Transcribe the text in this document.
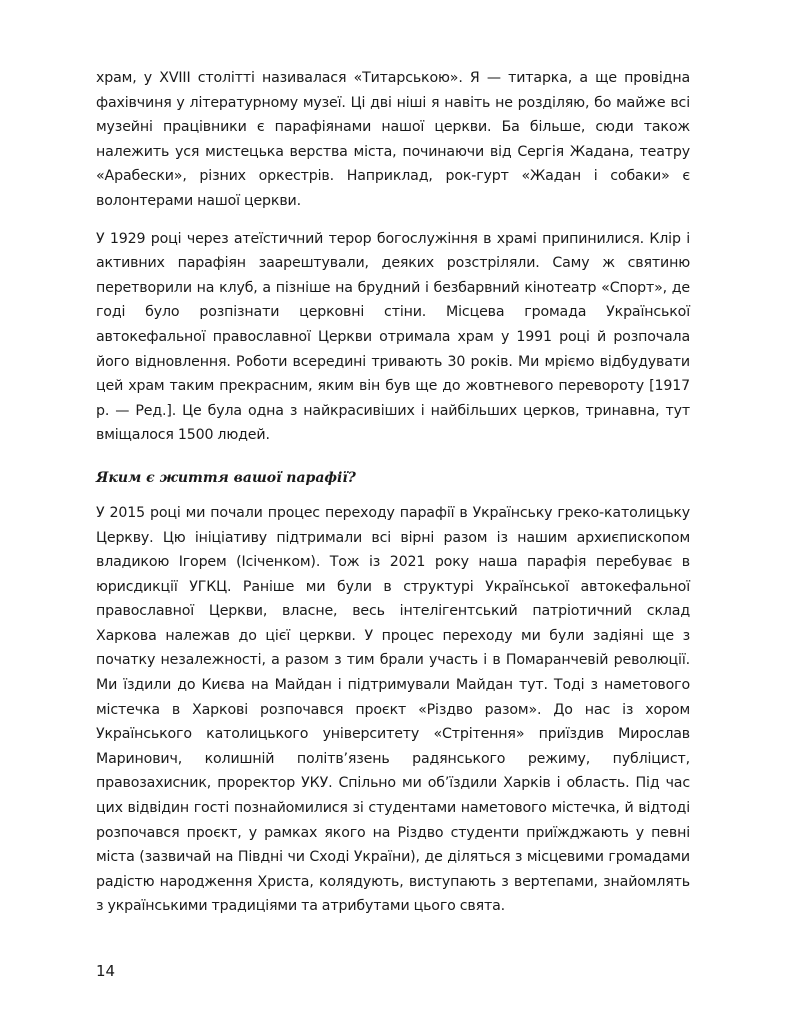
храм, у XVIII столітті називалася «Титарською». Я — титарка, а ще провідна фахівчиня у літературному музеї. Ці дві ніші я навіть не розділяю, бо майже всі музейні працівники є парафіянами нашої церкви. Ба більше, сюди також належить уся мистецька верства міста, починаючи від Сергія Жадана, театру «Арабески», різних оркестрів. Наприклад, рок-гурт «Жадан і собаки» є волонтерами нашої церкви.

У 1929 році через атеїстичний терор богослужіння в храмі припинилися. Клір і активних парафіян заарештували, деяких розстріляли. Саму ж святиню перетворили на клуб, а пізніше на брудний і безбарвний кінотеатр «Спорт», де годі було розпізнати церковні стіни. Місцева громада Української автокефальної православної Церкви отримала храм у 1991 році й розпочала його відновлення. Роботи всередині тривають 30 років. Ми мріємо відбудувати цей храм таким прекрасним, яким він був ще до жовтневого перевороту [1917 р. — Ред.]. Це була одна з найкрасивіших і найбільших церков, тринавна, тут вміщалося 1500 людей.

Яким є життя вашої парафії?

У 2015 році ми почали процес переходу парафії в Українську греко-католицьку Церкву. Цю ініціативу підтримали всі вірні разом із нашим архиєпископом владикою Ігорем (Ісіченком). Тож із 2021 року наша парафія перебуває в юрисдикції УГКЦ. Раніше ми були в структурі Української автокефальної православної Церкви, власне, весь інтелігентський патріотичний склад Харкова належав до цієї церкви. У процес переходу ми були задіяні ще з початку незалежності, а разом з тим брали участь і в Помаранчевій революції. Ми їздили до Києва на Майдан і підтримували Майдан тут. Тоді з наметового містечка в Харкові розпочався проєкт «Різдво разом». До нас із хором Українського католицького університету «Стрітення» приїздив Мирослав Маринович, колишній політв’язень радянського режиму, публіцист, правозахисник, проректор УКУ. Спільно ми об’їздили Харків і область. Під час цих відвідин гості познайомилися зі студентами наметового містечка, й відтоді розпочався проєкт, у рамках якого на Різдво студенти приїжджають у певні міста (зазвичай на Півдні чи Сході України), де діляться з місцевими громадами радістю народження Христа, колядують, виступають з вертепами, знайомлять з українськими традиціями та атрибутами цього свята.

14
